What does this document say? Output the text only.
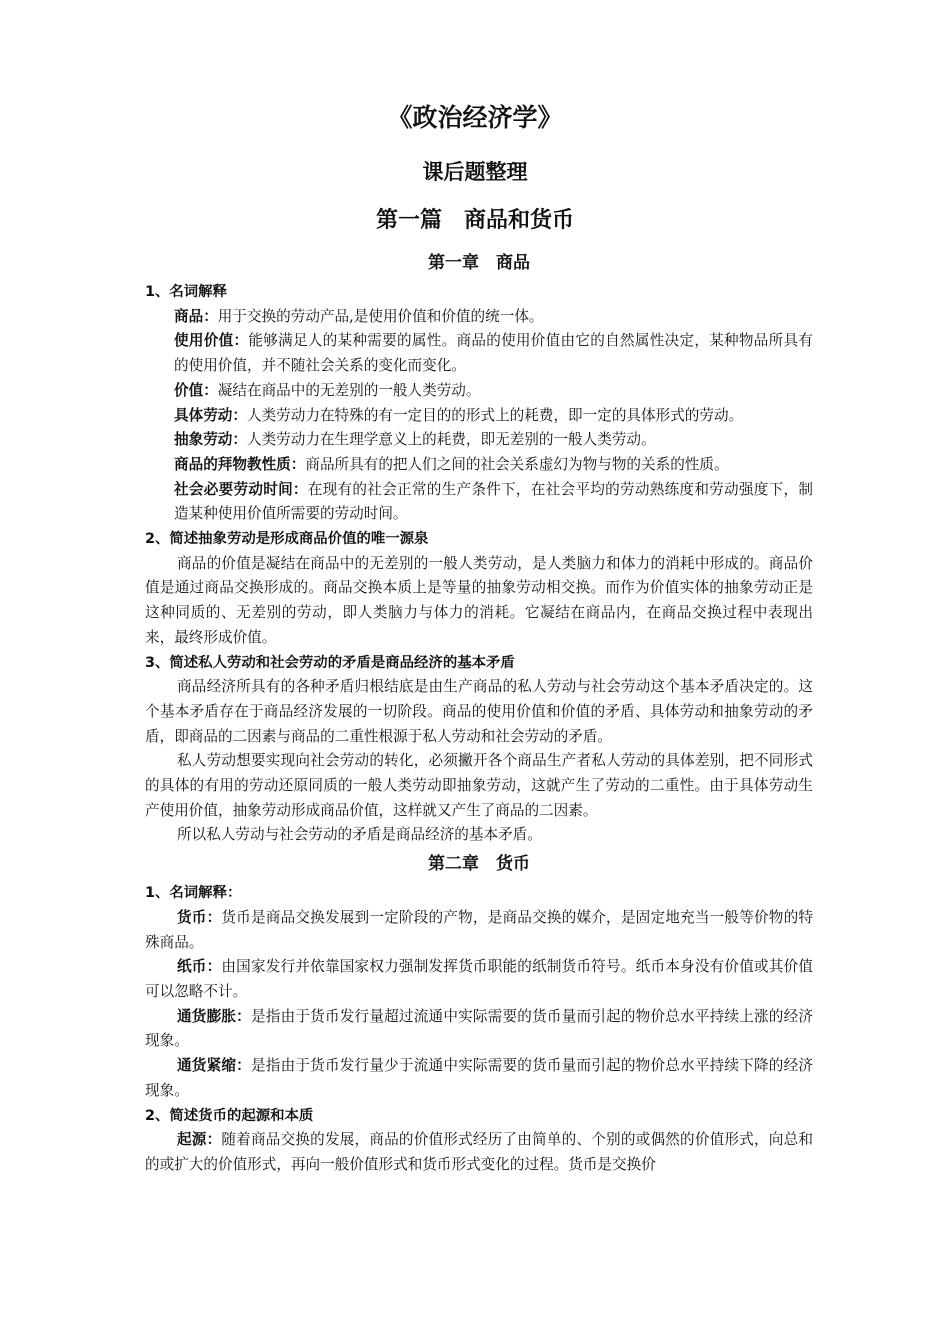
《政治经济学》
课后题整理
第一篇　商品和货币
第一章　商品

1、名词解释

商品：用于交换的劳动产品,是使用价值和价值的统一体。

使用价值：能够满足人的某种需要的属性。商品的使用价值由它的自然属性决定，某种物品所具有的使用价值，并不随社会关系的变化而变化。

价值：凝结在商品中的无差别的一般人类劳动。

具体劳动：人类劳动力在特殊的有一定目的的形式上的耗费，即一定的具体形式的劳动。

抽象劳动：人类劳动力在生理学意义上的耗费，即无差别的一般人类劳动。

商品的拜物教性质：商品所具有的把人们之间的社会关系虚幻为物与物的关系的性质。

社会必要劳动时间：在现有的社会正常的生产条件下，在社会平均的劳动熟练度和劳动强度下，制造某种使用价值所需要的劳动时间。

2、简述抽象劳动是形成商品价值的唯一源泉

商品的价值是凝结在商品中的无差别的一般人类劳动，是人类脑力和体力的消耗中形成的。商品价值是通过商品交换形成的。商品交换本质上是等量的抽象劳动相交换。而作为价值实体的抽象劳动正是这种同质的、无差别的劳动，即人类脑力与体力的消耗。它凝结在商品内，在商品交换过程中表现出来，最终形成价值。

3、简述私人劳动和社会劳动的矛盾是商品经济的基本矛盾

商品经济所具有的各种矛盾归根结底是由生产商品的私人劳动与社会劳动这个基本矛盾决定的。这个基本矛盾存在于商品经济发展的一切阶段。商品的使用价值和价值的矛盾、具体劳动和抽象劳动的矛盾，即商品的二因素与商品的二重性根源于私人劳动和社会劳动的矛盾。

私人劳动想要实现向社会劳动的转化，必须撇开各个商品生产者私人劳动的具体差别，把不同形式的具体的有用的劳动还原同质的一般人类劳动即抽象劳动，这就产生了劳动的二重性。由于具体劳动生产使用价值，抽象劳动形成商品价值，这样就又产生了商品的二因素。

所以私人劳动与社会劳动的矛盾是商品经济的基本矛盾。

第二章　货币

1、名词解释：

货币：货币是商品交换发展到一定阶段的产物，是商品交换的媒介，是固定地充当一般等价物的特殊商品。

纸币：由国家发行并依靠国家权力强制发挥货币职能的纸制货币符号。纸币本身没有价值或其价值可以忽略不计。

通货膨胀：是指由于货币发行量超过流通中实际需要的货币量而引起的物价总水平持续上涨的经济现象。

通货紧缩：是指由于货币发行量少于流通中实际需要的货币量而引起的物价总水平持续下降的经济现象。

2、简述货币的起源和本质

起源：随着商品交换的发展，商品的价值形式经历了由简单的、个别的或偶然的价值形式，向总和的或扩大的价值形式，再向一般价值形式和货币形式变化的过程。货币是交换价
